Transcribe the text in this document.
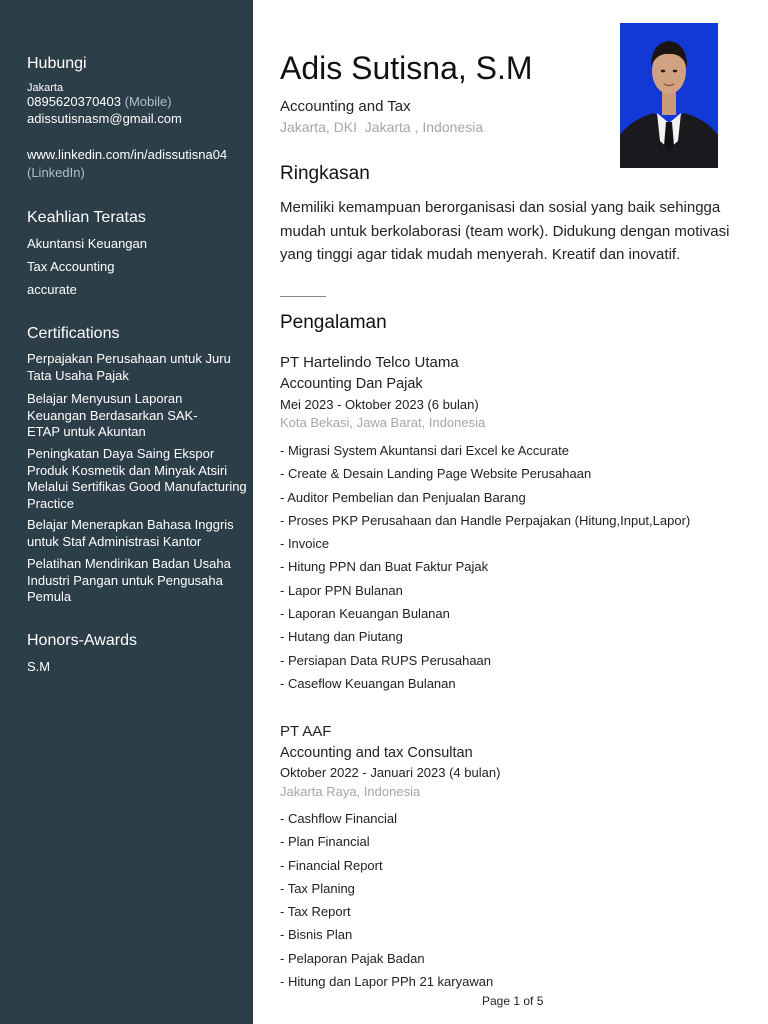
Hubungi
Jakarta
0895620370403 (Mobile)
adissutisnasm@gmail.com
www.linkedin.com/in/adissutisna04
(LinkedIn)
Keahlian Teratas
Akuntansi Keuangan
Tax Accounting
accurate
Certifications
Perpajakan Perusahaan untuk Juru Tata Usaha Pajak
Belajar Menyusun Laporan Keuangan Berdasarkan SAK-ETAP untuk Akuntan
Peningkatan Daya Saing Ekspor Produk Kosmetik dan Minyak Atsiri Melalui Sertifikas Good Manufacturing Practice
Belajar Menerapkan Bahasa Inggris untuk Staf Administrasi Kantor
Pelatihan Mendirikan Badan Usaha Industri Pangan untuk Pengusaha Pemula
Honors-Awards
S.M
Adis Sutisna, S.M
Accounting and Tax
Jakarta, DKI  Jakarta , Indonesia
Ringkasan
Memiliki kemampuan berorganisasi dan sosial yang baik sehingga mudah untuk berkolaborasi (team work). Didukung dengan motivasi yang tinggi agar tidak mudah menyerah. Kreatif dan inovatif.
Pengalaman
PT Hartelindo Telco Utama
Accounting Dan Pajak
Mei 2023 - Oktober 2023 (6 bulan)
Kota Bekasi, Jawa Barat, Indonesia
- Migrasi System Akuntansi dari Excel ke Accurate
- Create & Desain Landing Page Website Perusahaan
- Auditor Pembelian dan Penjualan Barang
- Proses PKP Perusahaan dan Handle Perpajakan (Hitung,Input,Lapor)
- Invoice
- Hitung PPN dan Buat Faktur Pajak
- Lapor PPN Bulanan
- Laporan Keuangan Bulanan
- Hutang dan Piutang
- Persiapan Data RUPS Perusahaan
- Caseflow Keuangan Bulanan
PT AAF
Accounting and tax Consultan
Oktober 2022 - Januari 2023 (4 bulan)
Jakarta Raya, Indonesia
- Cashflow Financial
- Plan Financial
- Financial Report
- Tax Planing
- Tax Report
- Bisnis Plan
- Pelaporan Pajak Badan
- Hitung dan Lapor PPh 21 karyawan
Page 1 of 5
